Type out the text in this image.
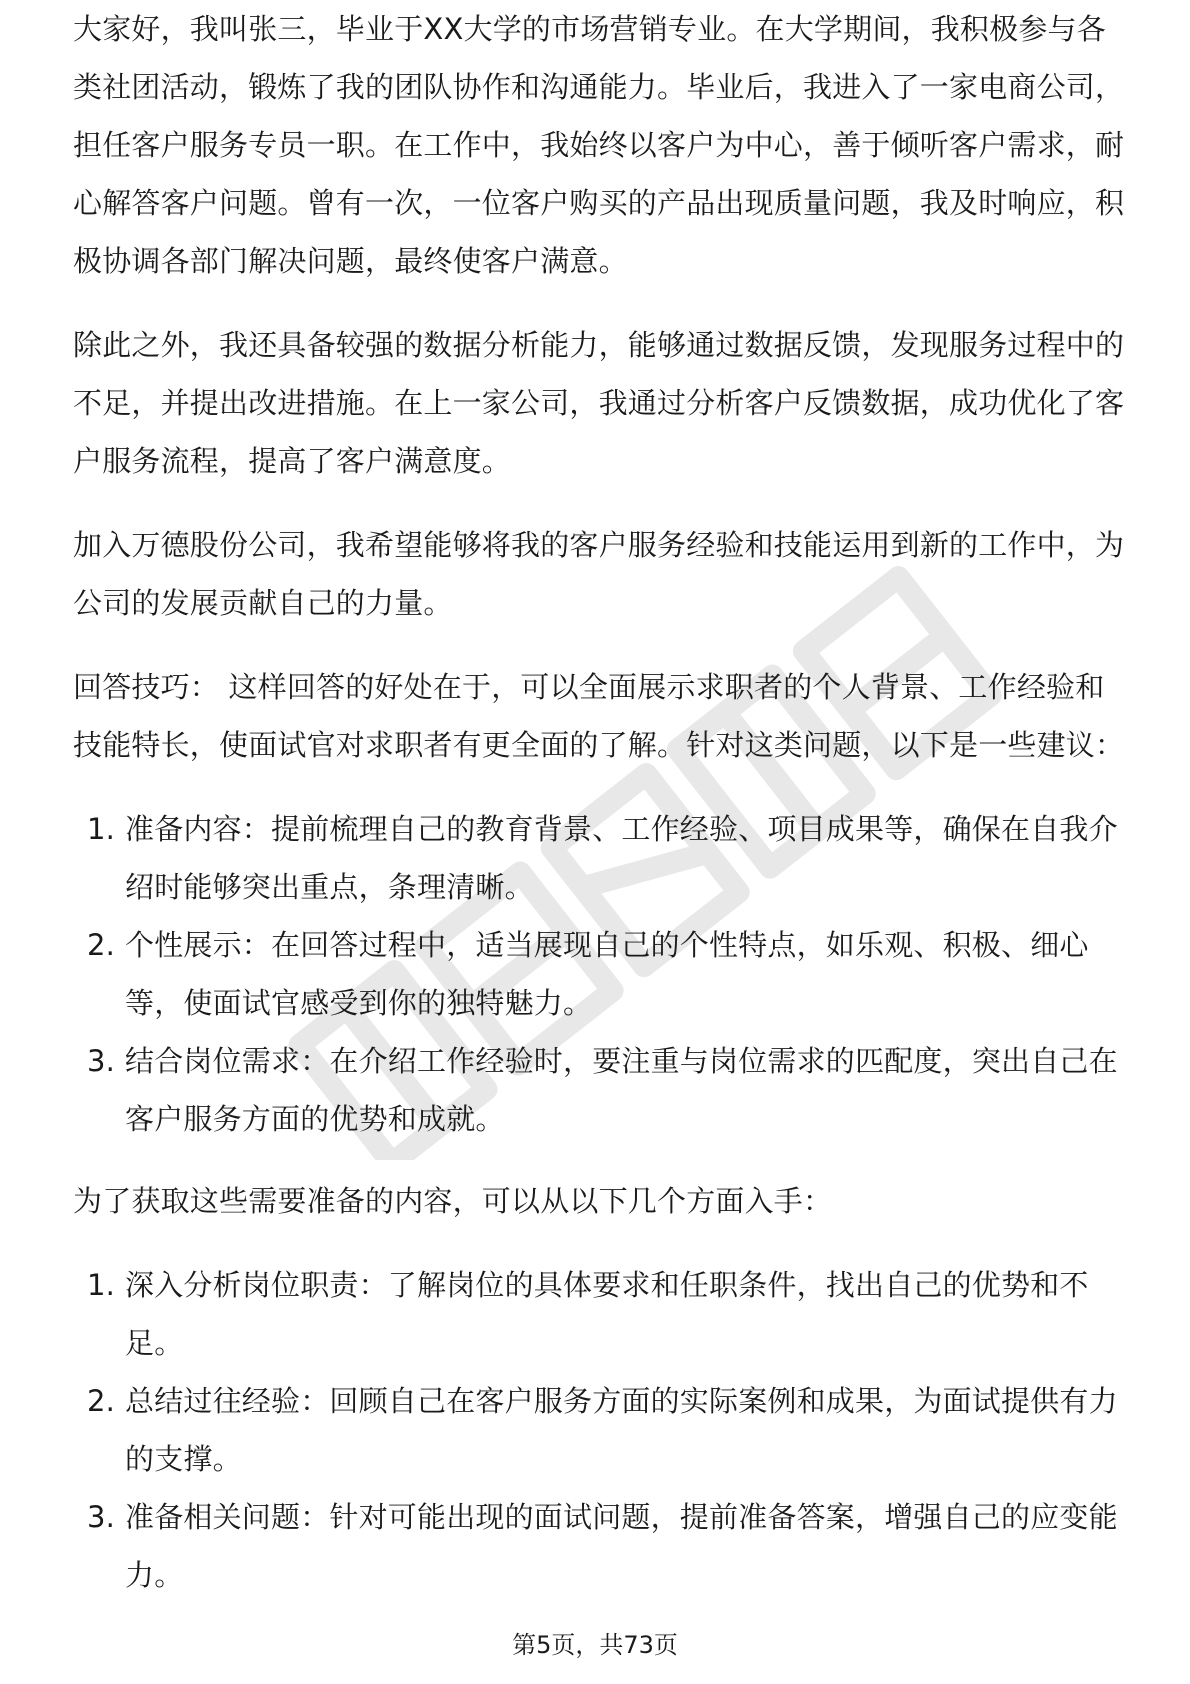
大家好，我叫张三，毕业于XX大学的市场营销专业。在大学期间，我积极参与各类社团活动，锻炼了我的团队协作和沟通能力。毕业后，我进入了一家电商公司，担任客户服务专员一职。在工作中，我始终以客户为中心，善于倾听客户需求，耐心解答客户问题。曾有一次，一位客户购买的产品出现质量问题，我及时响应，积极协调各部门解决问题，最终使客户满意。

除此之外，我还具备较强的数据分析能力，能够通过数据反馈，发现服务过程中的不足，并提出改进措施。在上一家公司，我通过分析客户反馈数据，成功优化了客户服务流程，提高了客户满意度。

加入万德股份公司，我希望能够将我的客户服务经验和技能运用到新的工作中，为公司的发展贡献自己的力量。

回答技巧： 这样回答的好处在于，可以全面展示求职者的个人背景、工作经验和技能特长，使面试官对求职者有更全面的了解。针对这类问题，以下是一些建议：

1. 准备内容：提前梳理自己的教育背景、工作经验、项目成果等，确保在自我介绍时能够突出重点，条理清晰。
2. 个性展示：在回答过程中，适当展现自己的个性特点，如乐观、积极、细心等，使面试官感受到你的独特魅力。
3. 结合岗位需求：在介绍工作经验时，要注重与岗位需求的匹配度，突出自己在客户服务方面的优势和成就。

为了获取这些需要准备的内容，可以从以下几个方面入手：

1. 深入分析岗位职责：了解岗位的具体要求和任职条件，找出自己的优势和不足。
2. 总结过往经验：回顾自己在客户服务方面的实际案例和成果，为面试提供有力的支撑。
3. 准备相关问题：针对可能出现的面试问题，提前准备答案，增强自己的应变能力。
第5页，共73页
